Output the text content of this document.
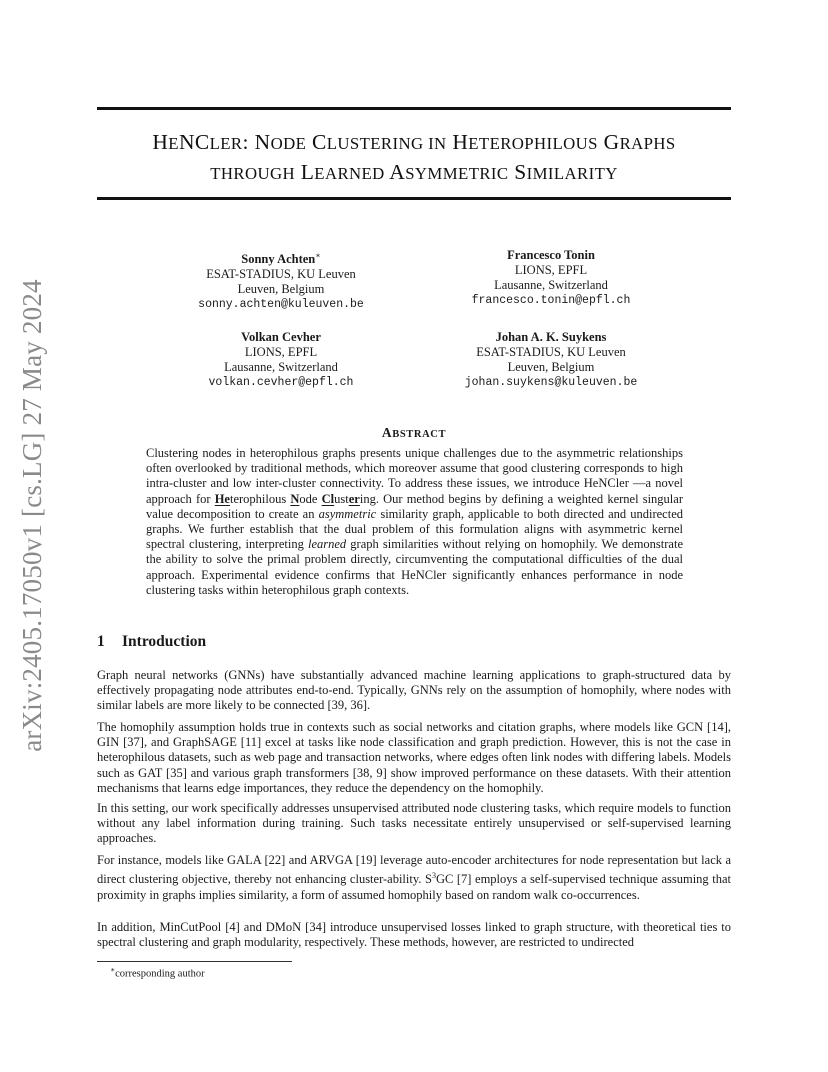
arXiv:2405.17050v1 [cs.LG] 27 May 2024
HENCLER: NODE CLUSTERING IN HETEROPHILOUS GRAPHS
THROUGH LEARNED ASYMMETRIC SIMILARITY
Sonny Achten∗
ESAT-STADIUS, KU Leuven
Leuven, Belgium
sonny.achten@kuleuven.be
Francesco Tonin
LIONS, EPFL
Lausanne, Switzerland
francesco.tonin@epfl.ch
Volkan Cevher
LIONS, EPFL
Lausanne, Switzerland
volkan.cevher@epfl.ch
Johan A. K. Suykens
ESAT-STADIUS, KU Leuven
Leuven, Belgium
johan.suykens@kuleuven.be
ABSTRACT
Clustering nodes in heterophilous graphs presents unique challenges due to the asymmetric relationships often overlooked by traditional methods, which moreover assume that good clustering corresponds to high intra-cluster and low inter-cluster connectivity. To address these issues, we introduce HeNCler —a novel approach for Heterophilous Node Clustering. Our method begins by defining a weighted kernel singular value decomposition to create an asymmetric similarity graph, applicable to both directed and undirected graphs. We further establish that the dual problem of this formulation aligns with asymmetric kernel spectral clustering, interpreting learned graph similarities without relying on homophily. We demonstrate the ability to solve the primal problem directly, circumventing the computational difficulties of the dual approach. Experimental evidence confirms that HeNCler significantly enhances performance in node clustering tasks within heterophilous graph contexts.
1 Introduction

Graph neural networks (GNNs) have substantially advanced machine learning applications to graph-structured data by effectively propagating node attributes end-to-end. Typically, GNNs rely on the assumption of homophily, where nodes with similar labels are more likely to be connected [39, 36].

The homophily assumption holds true in contexts such as social networks and citation graphs, where models like GCN [14], GIN [37], and GraphSAGE [11] excel at tasks like node classification and graph prediction. However, this is not the case in heterophilous datasets, such as web page and transaction networks, where edges often link nodes with differing labels. Models such as GAT [35] and various graph transformers [38, 9] show improved performance on these datasets. With their attention mechanisms that learns edge importances, they reduce the dependency on the homophily.

In this setting, our work specifically addresses unsupervised attributed node clustering tasks, which require models to function without any label information during training. Such tasks necessitate entirely unsupervised or self-supervised learning approaches.

For instance, models like GALA [22] and ARVGA [19] leverage auto-encoder architectures for node representation but lack a direct clustering objective, thereby not enhancing cluster-ability. $S^3GC$ [7] employs a self-supervised technique assuming that proximity in graphs implies similarity, a form of assumed homophily based on random walk co-occurrences.

In addition, MinCutPool [4] and DMoN [34] introduce unsupervised losses linked to graph structure, with theoretical ties to spectral clustering and graph modularity, respectively. These methods, however, are restricted to undirected

∗corresponding author
